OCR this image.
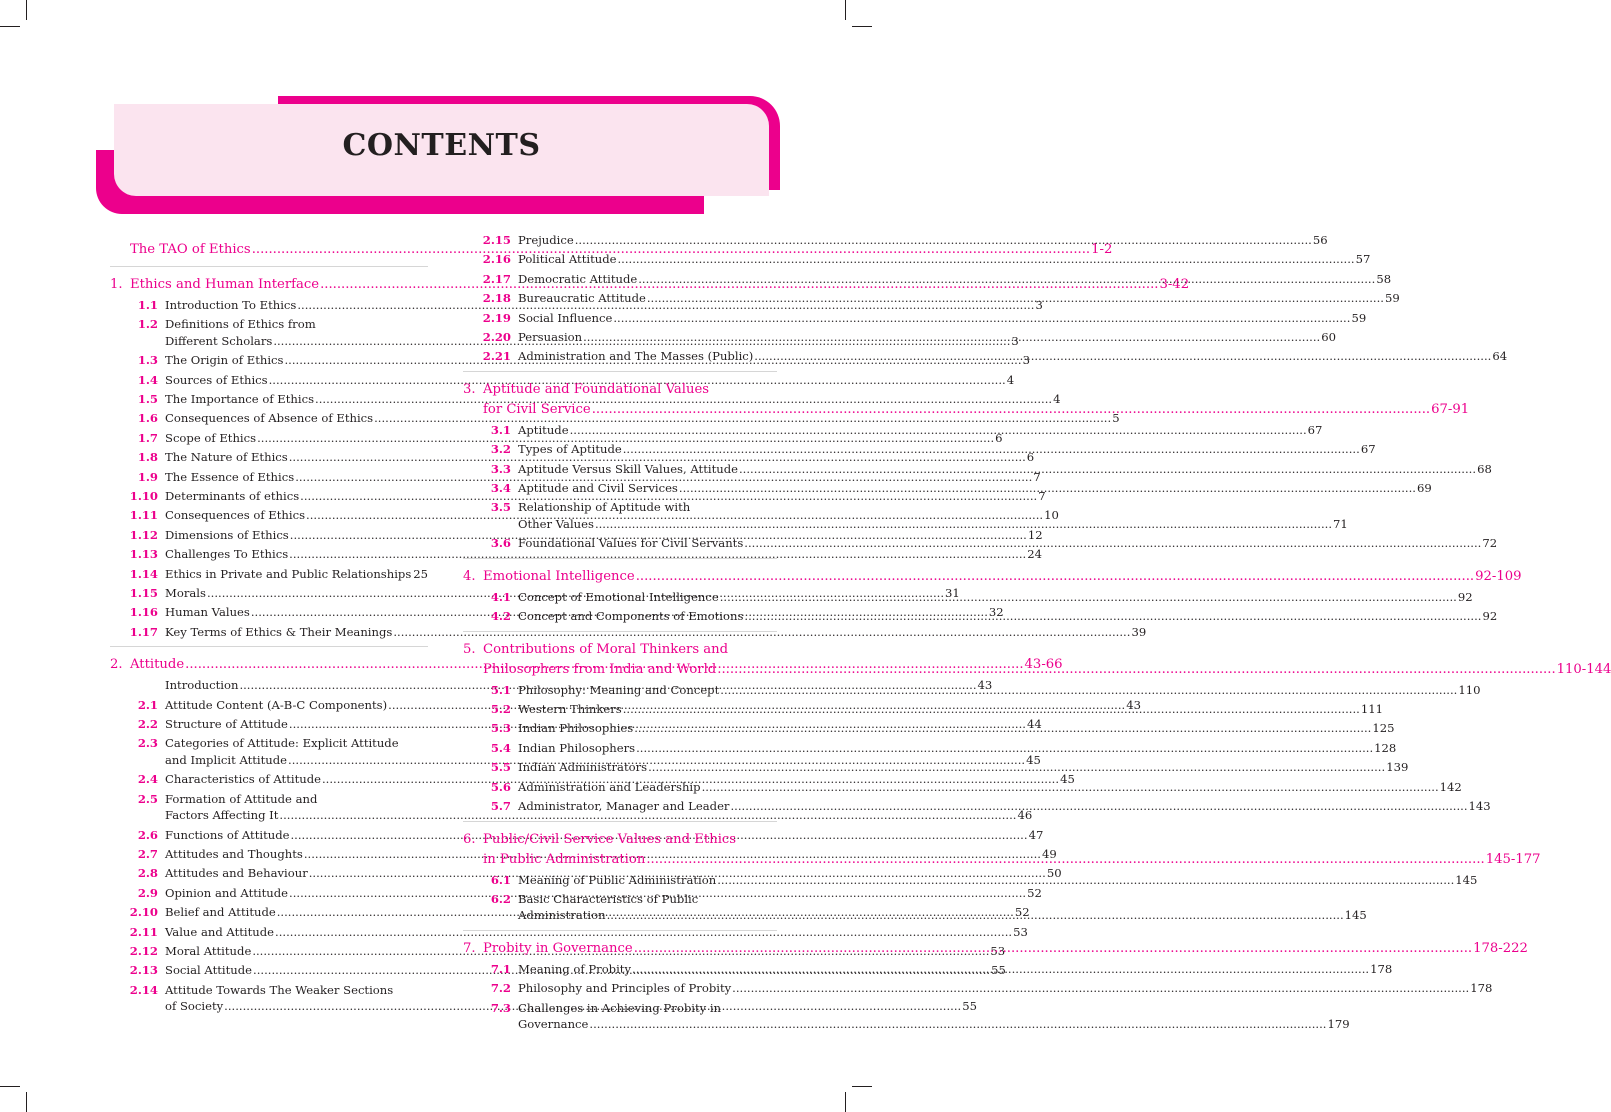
CONTENTS
The TAO of Ethics .....	1-2
1. Ethics and Human Interface .....	3-42
1.1 Introduction To Ethics .....	3
1.2 Definitions of Ethics from
Different Scholars .....	3
1.3 The Origin of Ethics .....	3
1.4 Sources of Ethics .....	4
1.5 The Importance of Ethics .....	4
1.6 Consequences of Absence of Ethics .....	5
1.7 Scope of Ethics .....	6
1.8 The Nature of Ethics .....	6
1.9 The Essence of Ethics .....	7
1.10 Determinants of ethics .....	7
1.11 Consequences of Ethics .....	10
1.12 Dimensions of Ethics .....	12
1.13 Challenges To Ethics .....	24
1.14 Ethics in Private and Public Relationships 25
1.15 Morals .....	31
1.16 Human Values .....	32
1.17 Key Terms of Ethics & Their Meanings .....	39
2. Attitude .....	43-66
Introduction .....	43
2.1 Attitude Content (A-B-C Components) .....	43
2.2 Structure of Attitude .....	44
2.3 Categories of Attitude: Explicit Attitude
and Implicit Attitude .....	45
2.4 Characteristics of Attitude .....	45
2.5 Formation of Attitude and
Factors Affecting It .....	46
2.6 Functions of Attitude .....	47
2.7 Attitudes and Thoughts .....	49
2.8 Attitudes and Behaviour .....	50
2.9 Opinion and Attitude .....	52
2.10 Belief and Attitude .....	52
2.11 Value and Attitude .....	53
2.12 Moral Attitude .....	53
2.13 Social Attitude .....	55
2.14 Attitude Towards The Weaker Sections
of Society .....	55
2.15 Prejudice .....	56
2.16 Political Attitude .....	57
2.17 Democratic Attitude .....	58
2.18 Bureaucratic Attitude .....	59
2.19 Social Influence .....	59
2.20 Persuasion .....	60
2.21 Administration and The Masses (Public) .....	64
3. Aptitude and Foundational Values
for Civil Service .....	67-91
3.1 Aptitude .....	67
3.2 Types of Aptitude .....	67
3.3 Aptitude Versus Skill Values, Attitude .....	68
3.4 Aptitude and Civil Services .....	69
3.5 Relationship of Aptitude with
Other Values .....	71
3.6 Foundational Values for Civil Servants .....	72
4. Emotional Intelligence .....	92-109
4.1 Concept of Emotional Intelligence .....	92
4.2 Concept and Components of Emotions .....	92
5. Contributions of Moral Thinkers and
Philosophers from India and World .....	110-144
5.1 Philosophy: Meaning and Concept .....	110
5.2 Western Thinkers .....	111
5.3 Indian Philosophies .....	125
5.4 Indian Philosophers .....	128
5.5 Indian Administrators .....	139
5.6 Administration and Leadership .....	142
5.7 Administrator, Manager and Leader .....	143
6. Public/Civil Service Values and Ethics
in Public Administration .....	145-177
6.1 Meaning of Public Administration .....	145
6.2 Basic Characteristics of Public
Administration .....	145
7. Probity in Governance .....	178-222
7.1 Meaning of Probity .....	178
7.2 Philosophy and Principles of Probity .....	178
7.3 Challenges in Achieving Probity in
Governance .....	179
